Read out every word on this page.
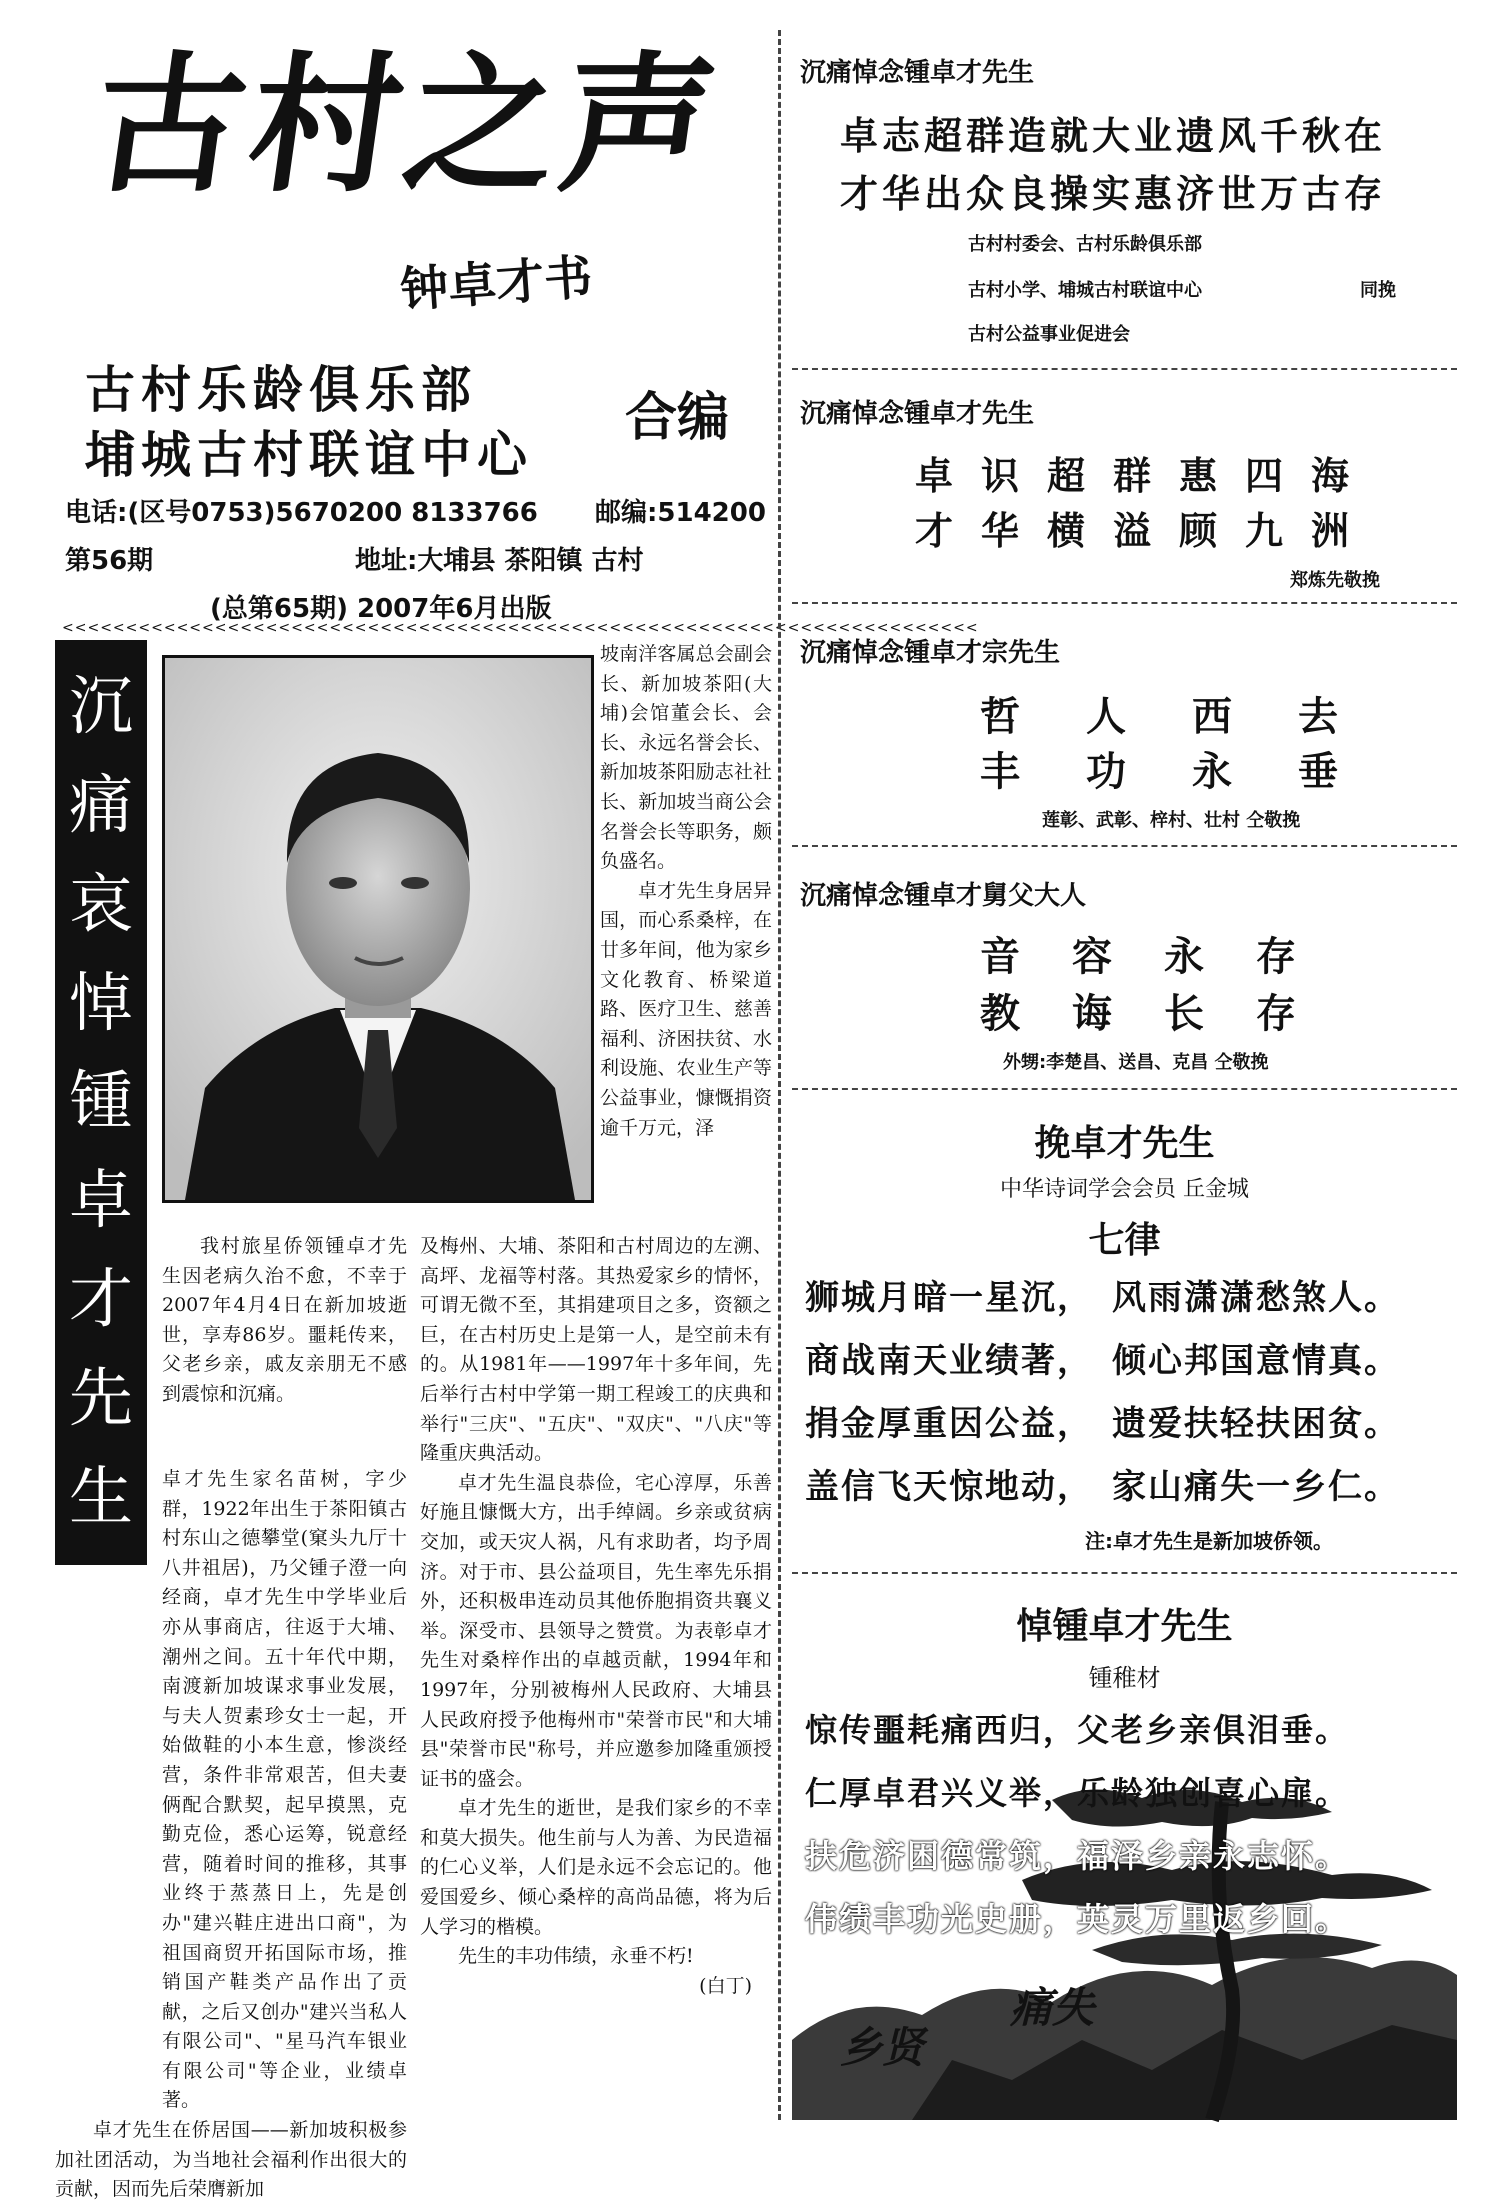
古村之声
钟卓才书
古村乐龄俱乐部
埔城古村联谊中心
合编
电话:(区号0753)5670200 8133766 邮编:514200
第56期	地址:大埔县 茶阳镇 古村
(总第65期) 2007年6月出版
<<<<<<<<<<<<<<<<<<<<<<<<<<<<<<<<<<<<<<<<<<<<<<<<<<<<<<<<<<<<<<<<<<<<<<<<
沉
痛
哀
悼
锺
卓
才
先
生

坡南洋客属总会副会长、新加坡茶阳(大埔)会馆董会长、会长、永远名誉会长、新加坡茶阳励志社社长、新加坡当商公会名誉会长等职务，颇负盛名。

卓才先生身居异国，而心系桑梓，在廿多年间，他为家乡文化教育、桥梁道路、医疗卫生、慈善福利、济困扶贫、水利设施、农业生产等公益事业，慷慨捐资逾千万元，泽

我村旅星侨领锺卓才先生因老病久治不愈，不幸于2007年4月4日在新加坡逝世，享寿86岁。噩耗传来，父老乡亲，戚友亲朋无不感到震惊和沉痛。

卓才先生家名苗树，字少群，1922年出生于茶阳镇古村东山之德攀堂(窠头九厅十八井祖居)，乃父锺子澄一向经商，卓才先生中学毕业后亦从事商店，往返于大埔、潮州之间。五十年代中期，南渡新加坡谋求事业发展，与夫人贺素珍女士一起，开始做鞋的小本生意，惨淡经营，条件非常艰苦，但夫妻俩配合默契，起早摸黑，克勤克俭，悉心运筹，锐意经营，随着时间的推移，其事业终于蒸蒸日上，先是创办"建兴鞋庄进出口商"，为祖国商贸开拓国际市场，推销国产鞋类产品作出了贡献，之后又创办"建兴当私人有限公司"、"星马汽车银业有限公司"等企业，业绩卓著。

卓才先生在侨居国——新加坡积极参加社团活动，为当地社会福利作出很大的贡献，因而先后荣膺新加

及梅州、大埔、茶阳和古村周边的左溯、高坪、龙福等村落。其热爱家乡的情怀，可谓无微不至，其捐建项目之多，资额之巨，在古村历史上是第一人，是空前未有的。从1981年——1997年十多年间，先后举行古村中学第一期工程竣工的庆典和举行"三庆"、"五庆"、"双庆"、"八庆"等隆重庆典活动。

卓才先生温良恭俭，宅心淳厚，乐善好施且慷慨大方，出手绰阔。乡亲或贫病交加，或天灾人祸，凡有求助者，均予周济。对于市、县公益项目，先生率先乐捐外，还积极串连动员其他侨胞捐资共襄义举。深受市、县领导之赞赏。为表彰卓才先生对桑梓作出的卓越贡献，1994年和1997年，分别被梅州人民政府、大埔县人民政府授予他梅州市"荣誉市民"和大埔县"荣誉市民"称号，并应邀参加隆重颁授证书的盛会。

卓才先生的逝世，是我们家乡的不幸和莫大损失。他生前与人为善、为民造福的仁心义举，人们是永远不会忘记的。他爱国爱乡、倾心桑梓的高尚品德，将为后人学习的楷模。

先生的丰功伟绩，永垂不朽!

(白丁)
沉痛悼念锺卓才先生
卓志超群造就大业遗风千秋在
才华出众良操实惠济世万古存
古村村委会、古村乐龄俱乐部
古村小学、埔城古村联谊中心	同挽
古村公益事业促进会
沉痛悼念锺卓才先生
卓识超群惠四海
才华横溢顾九洲
郑炼先敬挽
沉痛悼念锺卓才宗先生
哲人西去
丰功永垂
莲彰、武彰、梓村、壮村 仝敬挽
沉痛悼念锺卓才舅父大人
音容永存
教诲长存
外甥:李楚昌、送昌、克昌 仝敬挽
挽卓才先生
中华诗词学会会员 丘金城
七律
狮城月暗一星沉， 风雨潇潇愁煞人。
商战南天业绩著， 倾心邦国意情真。
捐金厚重因公益， 遗爱扶轻扶困贫。
盖信飞天惊地动， 家山痛失一乡仁。
注:卓才先生是新加坡侨领。
悼锺卓才先生
锺稚材
惊传噩耗痛西归，父老乡亲俱泪垂。
仁厚卓君兴义举，乐龄独创喜心扉。
扶危济困德常筑，福泽乡亲永志怀。
伟绩丰功光史册，英灵万里返乡回。
痛失
乡贤
